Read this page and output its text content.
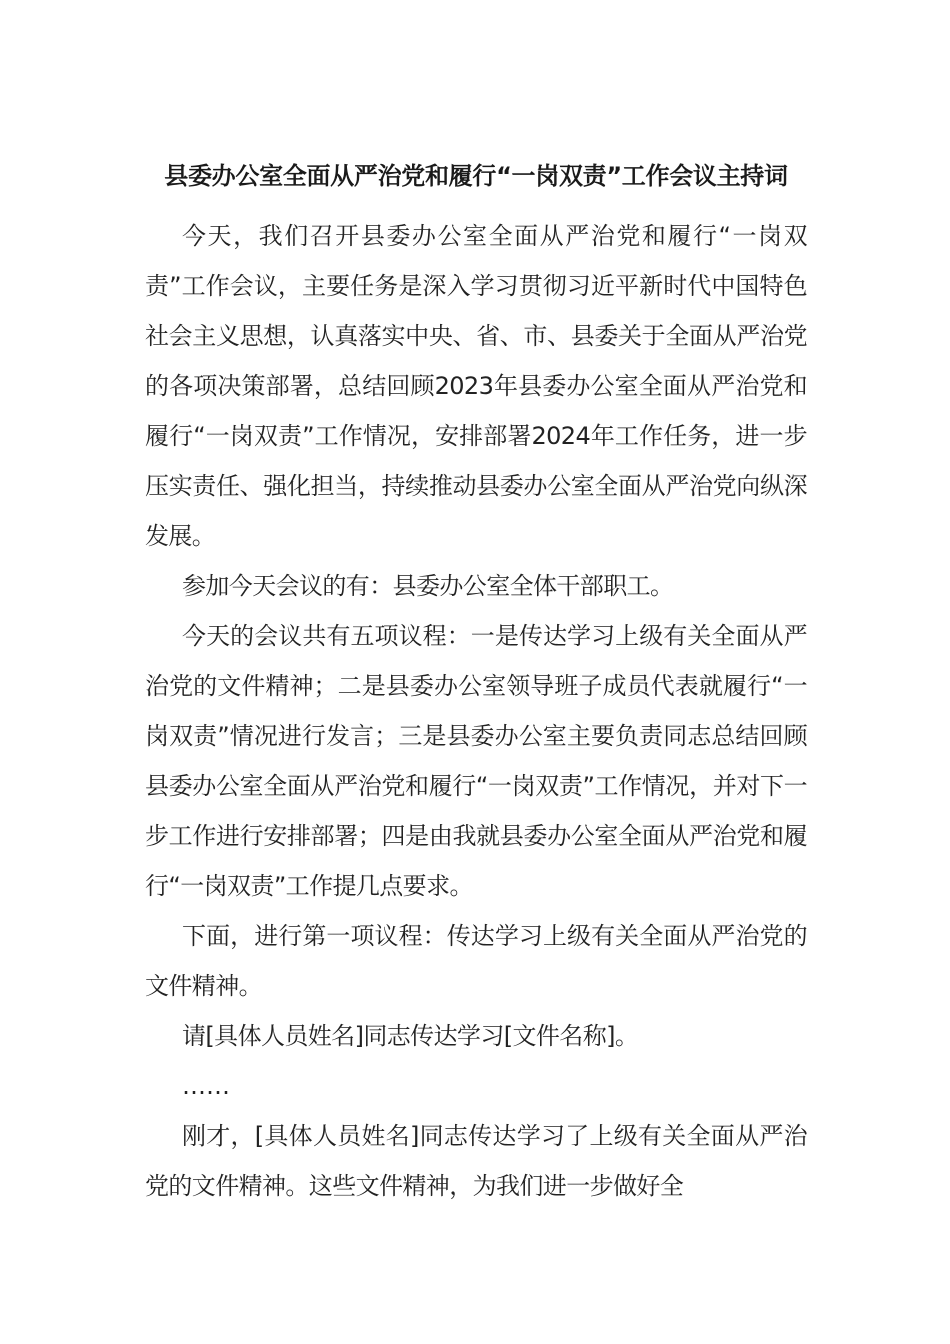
县委办公室全面从严治党和履行“一岗双责”工作会议主持词

今天，我们召开县委办公室全面从严治党和履行“一岗双责”工作会议，主要任务是深入学习贯彻习近平新时代中国特色社会主义思想，认真落实中央、省、市、县委关于全面从严治党的各项决策部署，总结回顾2023年县委办公室全面从严治党和履行“一岗双责”工作情况，安排部署2024年工作任务，进一步压实责任、强化担当，持续推动县委办公室全面从严治党向纵深发展。

参加今天会议的有：县委办公室全体干部职工。

今天的会议共有五项议程：一是传达学习上级有关全面从严治党的文件精神；二是县委办公室领导班子成员代表就履行“一岗双责”情况进行发言；三是县委办公室主要负责同志总结回顾县委办公室全面从严治党和履行“一岗双责”工作情况，并对下一步工作进行安排部署；四是由我就县委办公室全面从严治党和履行“一岗双责”工作提几点要求。

下面，进行第一项议程：传达学习上级有关全面从严治党的文件精神。

请[具体人员姓名]同志传达学习[文件名称]。

……

刚才，[具体人员姓名]同志传达学习了上级有关全面从严治党的文件精神。这些文件精神，为我们进一步做好全
